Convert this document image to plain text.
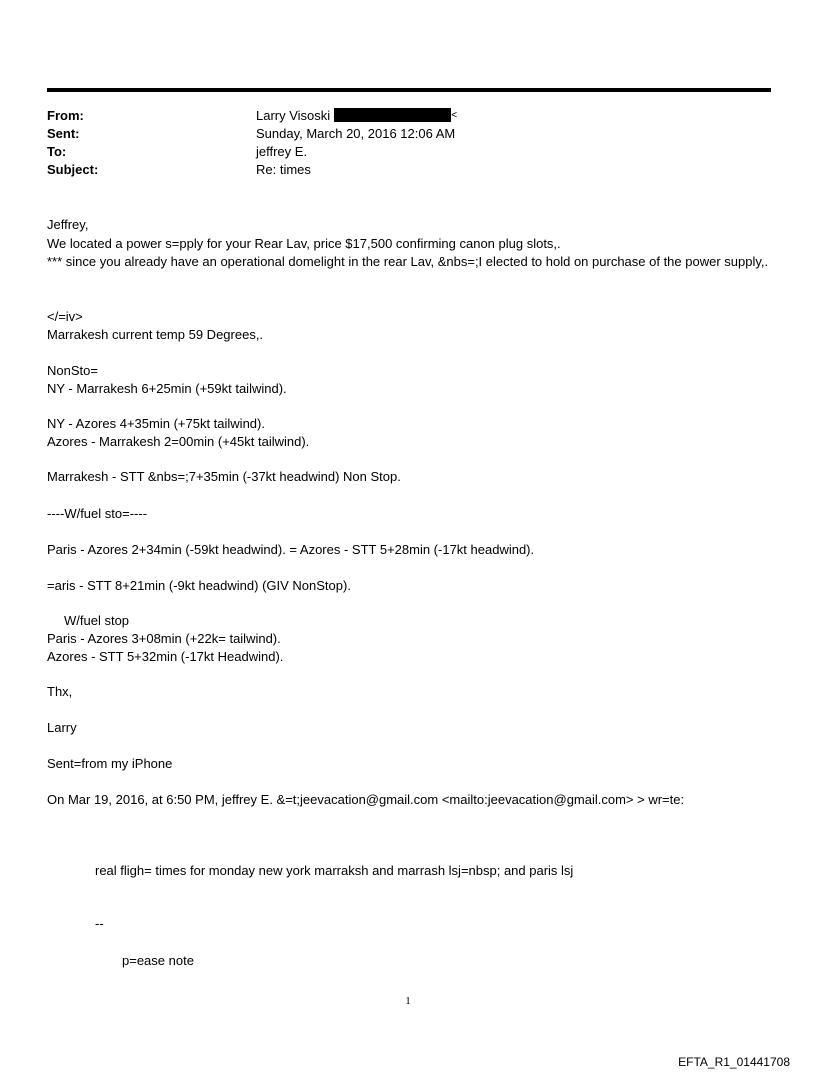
From:	Larry Visoski	<
Sent:	Sunday, March 20, 2016 12:06 AM
To:	jeffrey E.
Subject:	Re: times
Jeffrey,
We located a power s=pply for your Rear Lav, price $17,500 confirming canon plug slots,.
*** since you already have an operational domelight in the rear Lav, &nbs=;I elected to hold on purchase of the power supply,.
</=iv>
Marrakesh current temp 59 Degrees,.
NonSto=
NY - Marrakesh 6+25min (+59kt tailwind).
NY - Azores 4+35min (+75kt tailwind).
Azores - Marrakesh 2=00min (+45kt tailwind).
Marrakesh - STT &nbs=;7+35min (-37kt headwind) Non Stop.
----W/fuel sto=----
Paris - Azores 2+34min (-59kt headwind). = Azores - STT 5+28min (-17kt headwind).
=aris - STT 8+21min (-9kt headwind) (GIV NonStop).
W/fuel stop
Paris - Azores 3+08min (+22k= tailwind).
Azores - STT 5+32min (-17kt Headwind).
Thx,
Larry
Sent=from my iPhone
On Mar 19, 2016, at 6:50 PM, jeffrey E. &=t;jeevacation@gmail.com <mailto:jeevacation@gmail.com> > wr=te:
real fligh= times for monday new york marraksh and marrash lsj=nbsp; and paris lsj
--
p=ease note
1
EFTA_R1_01441708
